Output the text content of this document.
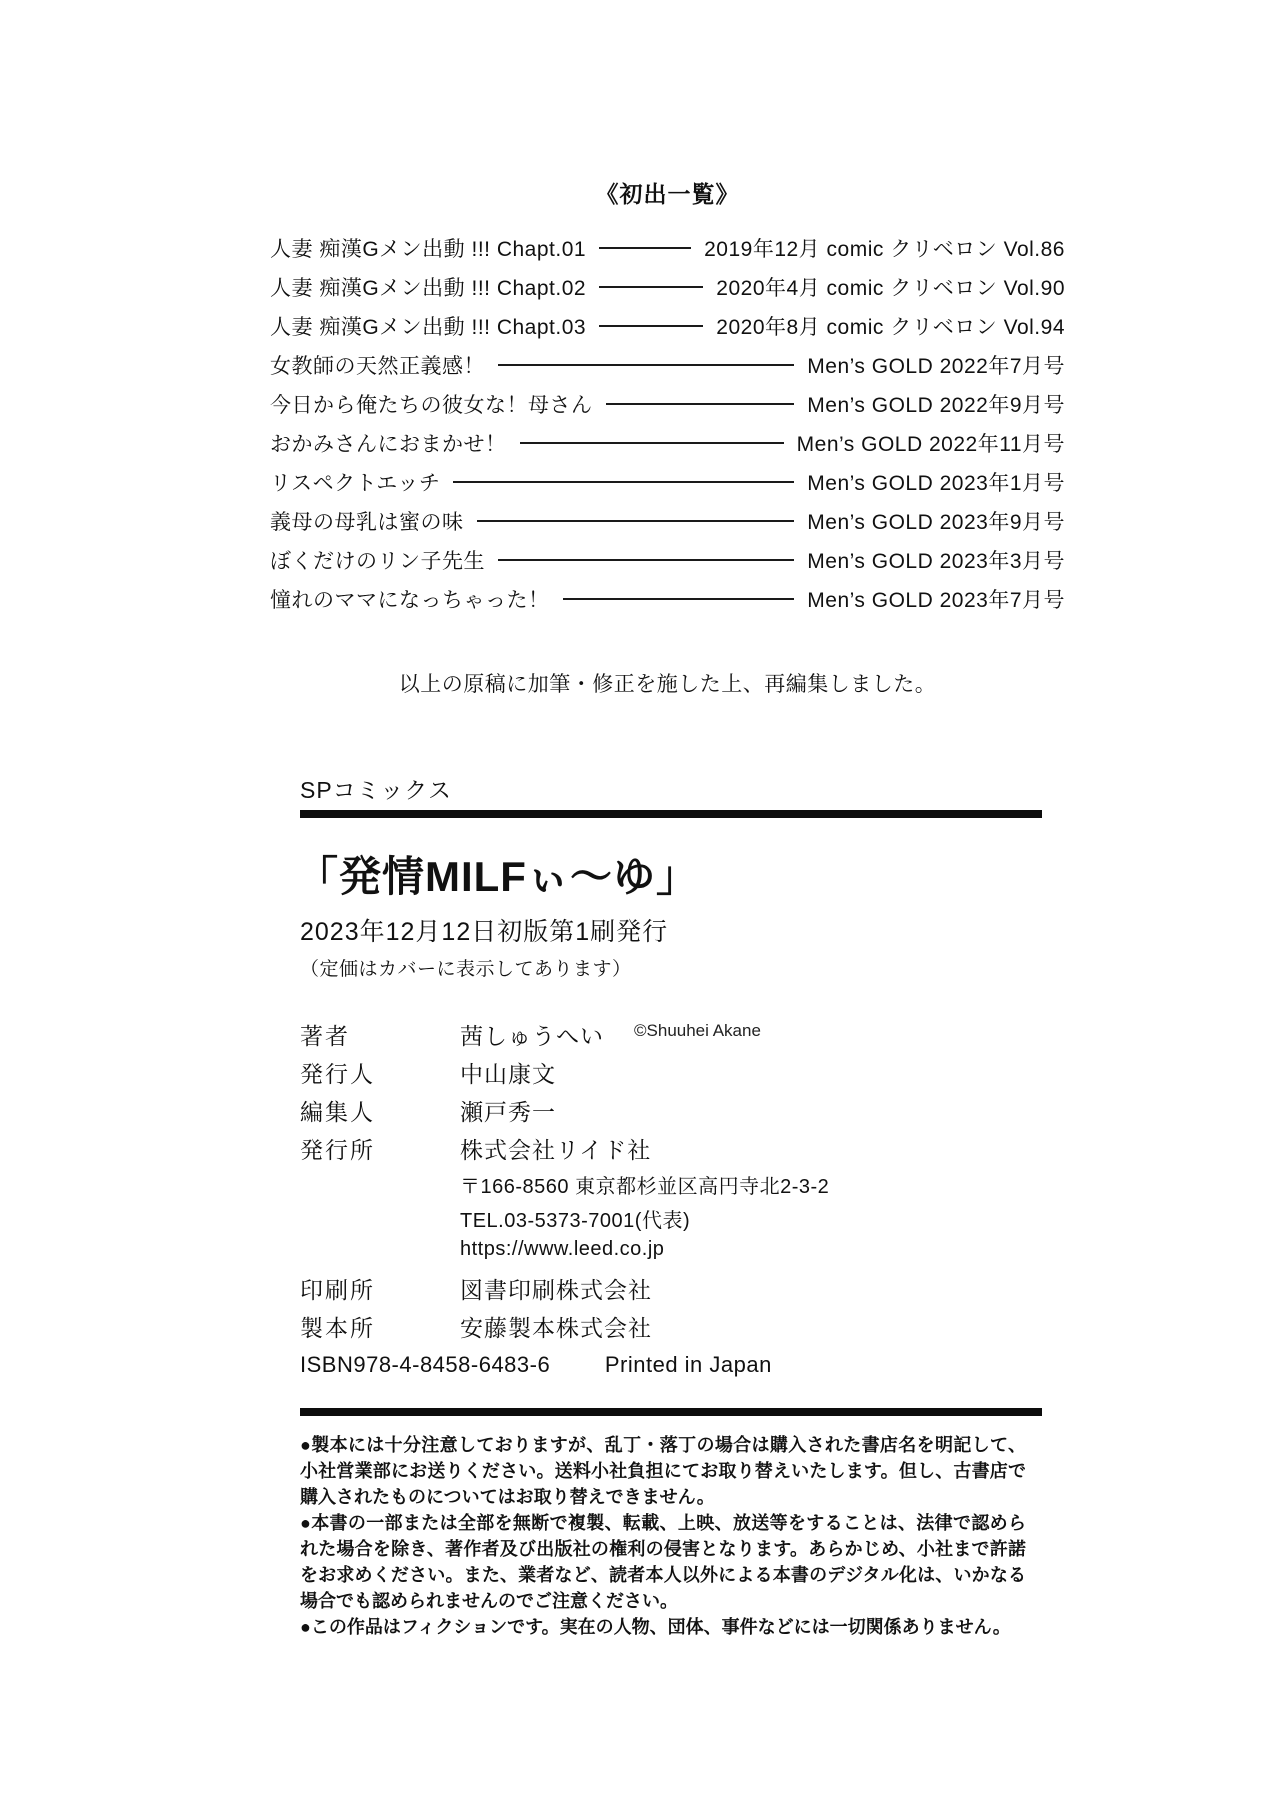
《初出一覧》
人妻 痴漢Gメン出動 !!! Chapt.01	2019年12月 comic クリベロン Vol.86
人妻 痴漢Gメン出動 !!! Chapt.02	2020年4月 comic クリベロン Vol.90
人妻 痴漢Gメン出動 !!! Chapt.03	2020年8月 comic クリベロン Vol.94
女教師の天然正義感！	Men’s GOLD 2022年7月号
今日から俺たちの彼女な！母さん	Men’s GOLD 2022年9月号
おかみさんにおまかせ！	Men’s GOLD 2022年11月号
リスペクトエッチ	Men’s GOLD 2023年1月号
義母の母乳は蜜の味	Men’s GOLD 2023年9月号
ぼくだけのリン子先生	Men’s GOLD 2023年3月号
憧れのママになっちゃった！	Men’s GOLD 2023年7月号
以上の原稿に加筆・修正を施した上、再編集しました。
SPコミックス
「発情MILFぃ～ゆ」
2023年12月12日初版第1刷発行
（定価はカバーに表示してあります）
著者	茜しゅうへい ©Shuuhei Akane
発行人	中山康文
編集人	瀬戸秀一
発行所	株式会社リイド社
〒166-8560 東京都杉並区高円寺北2-3-2
TEL.03-5373-7001(代表)
https://www.leed.co.jp
印刷所	図書印刷株式会社
製本所	安藤製本株式会社
ISBN978-4-8458-6483-6 Printed in Japan

●製本には十分注意しておりますが、乱丁・落丁の場合は購入された書店名を明記して、小社営業部にお送りください。送料小社負担にてお取り替えいたします。但し、古書店で購入されたものについてはお取り替えできません。

●本書の一部または全部を無断で複製、転載、上映、放送等をすることは、法律で認められた場合を除き、著作者及び出版社の権利の侵害となります。あらかじめ、小社まで許諾をお求めください。また、業者など、読者本人以外による本書のデジタル化は、いかなる場合でも認められませんのでご注意ください。

●この作品はフィクションです。実在の人物、団体、事件などには一切関係ありません。
